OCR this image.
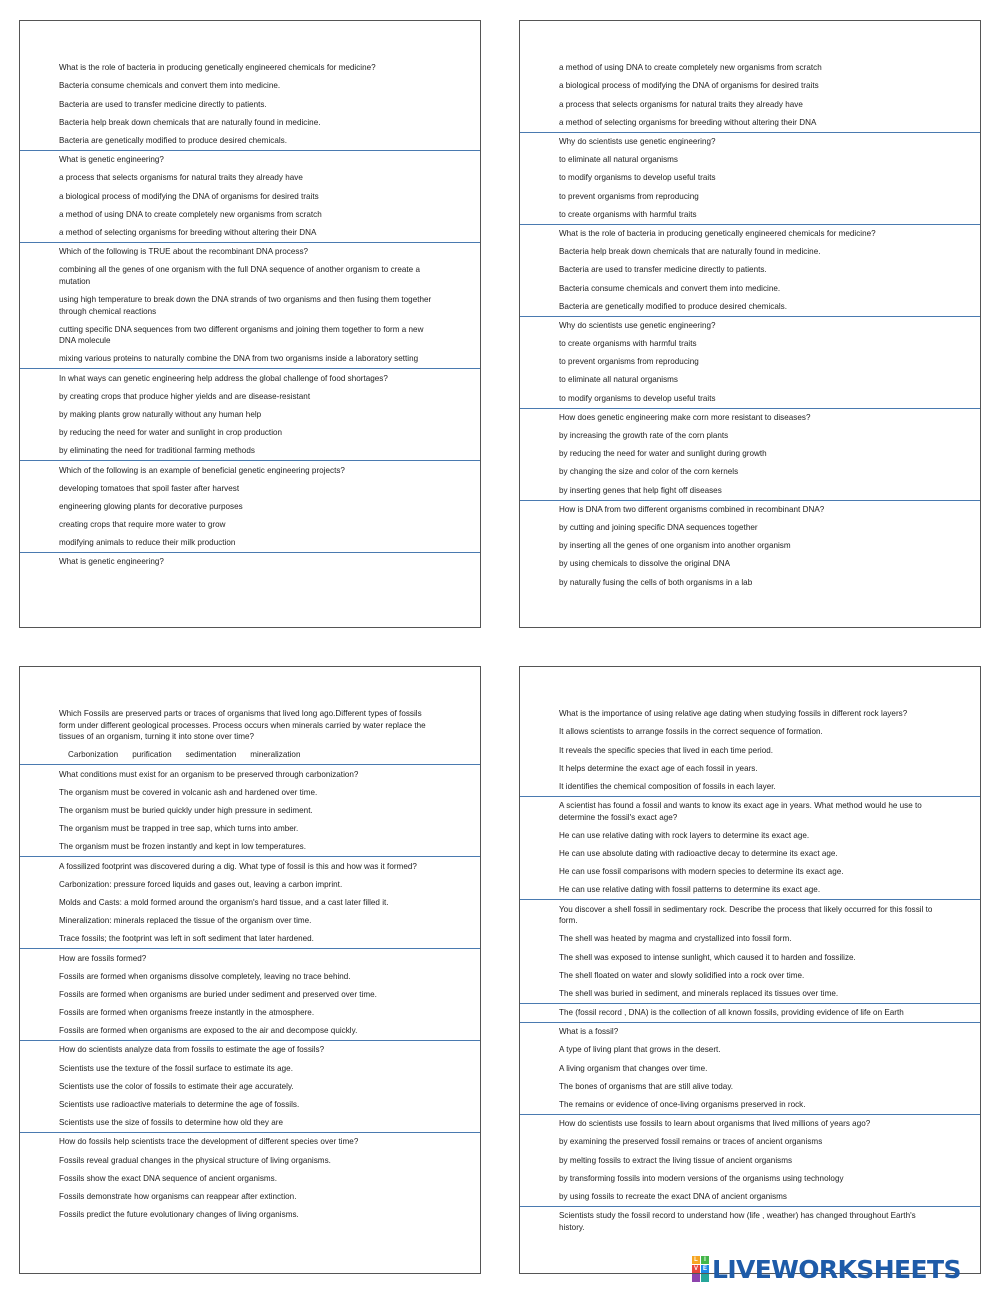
What is the role of bacteria in producing genetically engineered chemicals for medicine?
Bacteria consume chemicals and convert them into medicine.
Bacteria are used to transfer medicine directly to patients.
Bacteria help break down chemicals that are naturally found in medicine.
Bacteria are genetically modified to produce desired chemicals.
What is genetic engineering?
a process that selects organisms for natural traits they already have
a biological process of modifying the DNA of organisms for desired traits
a method of using DNA to create completely new organisms from scratch
a method of selecting organisms for breeding without altering their DNA
Which of the following is TRUE about the recombinant DNA process?
combining all the genes of one organism with the full DNA sequence of another organism to create a mutation
using high temperature to break down the DNA strands of two organisms and then fusing them together through chemical reactions
cutting specific DNA sequences from two different organisms and joining them together to form a new DNA molecule
mixing various proteins to naturally combine the DNA from two organisms inside a laboratory setting
In what ways can genetic engineering help address the global challenge of food shortages?
by creating crops that produce higher yields and are disease-resistant
by making plants grow naturally without any human help
by reducing the need for water and sunlight in crop production
by eliminating the need for traditional farming methods
Which of the following is an example of beneficial genetic engineering projects?
developing tomatoes that spoil faster after harvest
engineering glowing plants for decorative purposes
creating crops that require more water to grow
modifying animals to reduce their milk production
What is genetic engineering?
a method of using DNA to create completely new organisms from scratch
a biological process of modifying the DNA of organisms for desired traits
a process that selects organisms for natural traits they already have
a method of selecting organisms for breeding without altering their DNA
Why do scientists use genetic engineering?
to eliminate all natural organisms
to modify organisms to develop useful traits
to prevent organisms from reproducing
to create organisms with harmful traits
What is the role of bacteria in producing genetically engineered chemicals for medicine?
Bacteria help break down chemicals that are naturally found in medicine.
Bacteria are used to transfer medicine directly to patients.
Bacteria consume chemicals and convert them into medicine.
Bacteria are genetically modified to produce desired chemicals.
Why do scientists use genetic engineering?
to create organisms with harmful traits
to prevent organisms from reproducing
to eliminate all natural organisms
to modify organisms to develop useful traits
How does genetic engineering make corn more resistant to diseases?
by increasing the growth rate of the corn plants
by reducing the need for water and sunlight during growth
by changing the size and color of the corn kernels
by inserting genes that help fight off diseases
How is DNA from two different organisms combined in recombinant DNA?
by cutting and joining specific DNA sequences together
by inserting all the genes of one organism into another organism
by using chemicals to dissolve the original DNA
by naturally fusing the cells of both organisms in a lab
Which Fossils are preserved parts or traces of organisms that lived long ago.Different types of fossils form under different geological processes. Process occurs when minerals carried by water replace the tissues of an organism, turning it into stone over time?
Carbonization purification sedimentation mineralization
What conditions must exist for an organism to be preserved through carbonization?
The organism must be covered in volcanic ash and hardened over time.
The organism must be buried quickly under high pressure in sediment.
The organism must be trapped in tree sap, which turns into amber.
The organism must be frozen instantly and kept in low temperatures.
A fossilized footprint was discovered during a dig. What type of fossil is this and how was it formed?
Carbonization: pressure forced liquids and gases out, leaving a carbon imprint.
Molds and Casts: a mold formed around the organism's hard tissue, and a cast later filled it.
Mineralization: minerals replaced the tissue of the organism over time.
Trace fossils; the footprint was left in soft sediment that later hardened.
How are fossils formed?
Fossils are formed when organisms dissolve completely, leaving no trace behind.
Fossils are formed when organisms are buried under sediment and preserved over time.
Fossils are formed when organisms freeze instantly in the atmosphere.
Fossils are formed when organisms are exposed to the air and decompose quickly.
How do scientists analyze data from fossils to estimate the age of fossils?
Scientists use the texture of the fossil surface to estimate its age.
Scientists use the color of fossils to estimate their age accurately.
Scientists use radioactive materials to determine the age of fossils.
Scientists use the size of fossils to determine how old they are
How do fossils help scientists trace the development of different species over time?
Fossils reveal gradual changes in the physical structure of living organisms.
Fossils show the exact DNA sequence of ancient organisms.
Fossils demonstrate how organisms can reappear after extinction.
Fossils predict the future evolutionary changes of living organisms.
What is the importance of using relative age dating when studying fossils in different rock layers?
It allows scientists to arrange fossils in the correct sequence of formation.
It reveals the specific species that lived in each time period.
It helps determine the exact age of each fossil in years.
It identifies the chemical composition of fossils in each layer.
A scientist has found a fossil and wants to know its exact age in years. What method would he use to determine the fossil's exact age?
He can use relative dating with rock layers to determine its exact age.
He can use absolute dating with radioactive decay to determine its exact age.
He can use fossil comparisons with modern species to determine its exact age.
He can use relative dating with fossil patterns to determine its exact age.
You discover a shell fossil in sedimentary rock. Describe the process that likely occurred for this fossil to form.
The shell was heated by magma and crystallized into fossil form.
The shell was exposed to intense sunlight, which caused it to harden and fossilize.
The shell floated on water and slowly solidified into a rock over time.
The shell was buried in sediment, and minerals replaced its tissues over time.
The (fossil record , DNA) is the collection of all known fossils, providing evidence of life on Earth
What is a fossil?
A type of living plant that grows in the desert.
A living organism that changes over time.
The bones of organisms that are still alive today.
The remains or evidence of once-living organisms preserved in rock.
How do scientists use fossils to learn about organisms that lived millions of years ago?
by examining the preserved fossil remains or traces of ancient organisms
by melting fossils to extract the living tissue of ancient organisms
by transforming fossils into modern versions of the organisms using technology
by using fossils to recreate the exact DNA of ancient organisms
Scientists study the fossil record to understand how (life , weather) has changed throughout Earth's history.
L	I
V E LIVEWORKSHEETS
